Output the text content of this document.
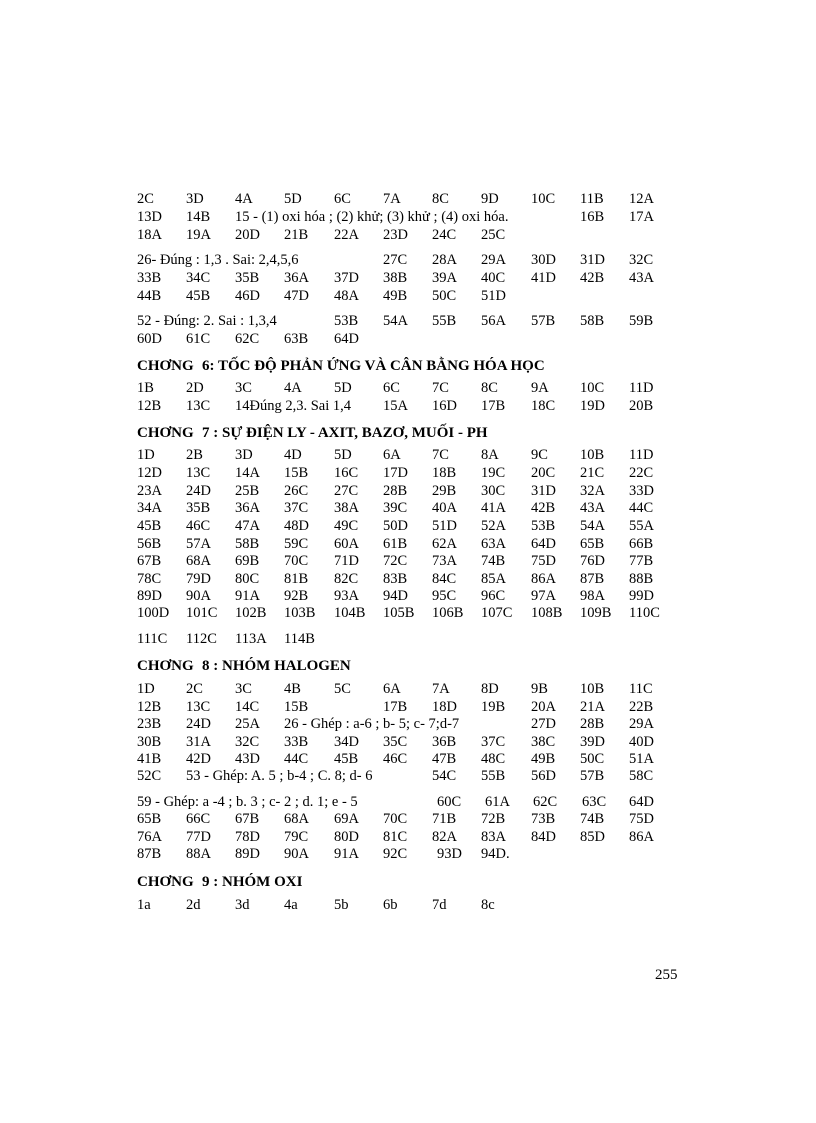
2C 3D 4A 5D 6C 7A 8C 9D 10C 11B 12A
13D 14B 15 - (1) oxi hóa ; (2) khử; (3) khử ; (4) oxi hóa.	16B 17A
18A 19A 20D 21B 22A 23D 24C 25C
26- Đúng : 1,3 . Sai: 2,4,5,6	27C 28A 29A 30D 31D 32C
33B 34C 35B 36A 37D 38B 39A 40C 41D 42B 43A
44B 45B 46D 47D 48A 49B 50C 51D
52 - Đúng: 2. Sai : 1,3,4	53B 54A 55B 56A 57B 58B 59B
60D 61C 62C 63B 64D
CHƠNG 6: TỐC ĐỘ PHẢN ỨNG VÀ CÂN BẰNG HÓA HỌC
1B 2D 3C 4A 5D 6C 7C 8C 9A 10C 11D
12B 13C 14Đúng 2,3. Sai 1,4 15A 16D 17B 18C 19D 20B
CHƠNG 7 : SỰ ĐIỆN LY - AXIT, BAZƠ, MUỐI - PH
1D 2B 3D 4D 5D 6A 7C 8A 9C 10B 11D
12D 13C 14A 15B 16C 17D 18B 19C 20C 21C 22C
23A 24D 25B 26C 27C 28B 29B 30C 31D 32A 33D
34A 35B 36A 37C 38A 39C 40A 41A 42B 43A 44C
45B 46C 47A 48D 49C 50D 51D 52A 53B 54A 55A
56B 57A 58B 59C 60A 61B 62A 63A 64D 65B 66B
67B 68A 69B 70C 71D 72C 73A 74B 75D 76D 77B
78C 79D 80C 81B 82C 83B 84C 85A 86A 87B 88B
89D 90A 91A 92B 93A 94D 95C 96C 97A 98A 99D
100D 101C 102B 103B 104B 105B 106B 107C 108B 109B 110C
111C 112C 113A 114B
CHƠNG 8 : NHÓM HALOGEN
1D 2C 3C 4B 5C 6A 7A 8D 9B 10B 11C
12B 13C 14C 15B	17B 18D 19B 20A 21A 22B
23B 24D 25A 26 - Ghép : a-6 ; b- 5; c- 7;d-7	27D 28B 29A
30B 31A 32C 33B 34D 35C 36B 37C 38C 39D 40D
41B 42D 43D 44C 45B 46C 47B 48C 49B 50C 51A
52C 53 - Ghép: A. 5 ; b-4 ; C. 8; d- 6	54C 55B 56D 57B 58C
59 - Ghép: a -4 ; b. 3 ; c- 2 ; d. 1; e - 5	60C 61A 62C 63C 64D
65B 66C 67B 68A 69A 70C 71B 72B 73B 74B 75D
76A 77D 78D 79C 80D 81C 82A 83A 84D 85D 86A
87B 88A 89D 90A 91A 92C 93D 94D.
CHƠNG 9 : NHÓM OXI
1a 2d 3d 4a	5b 6b 7d 8c
255
